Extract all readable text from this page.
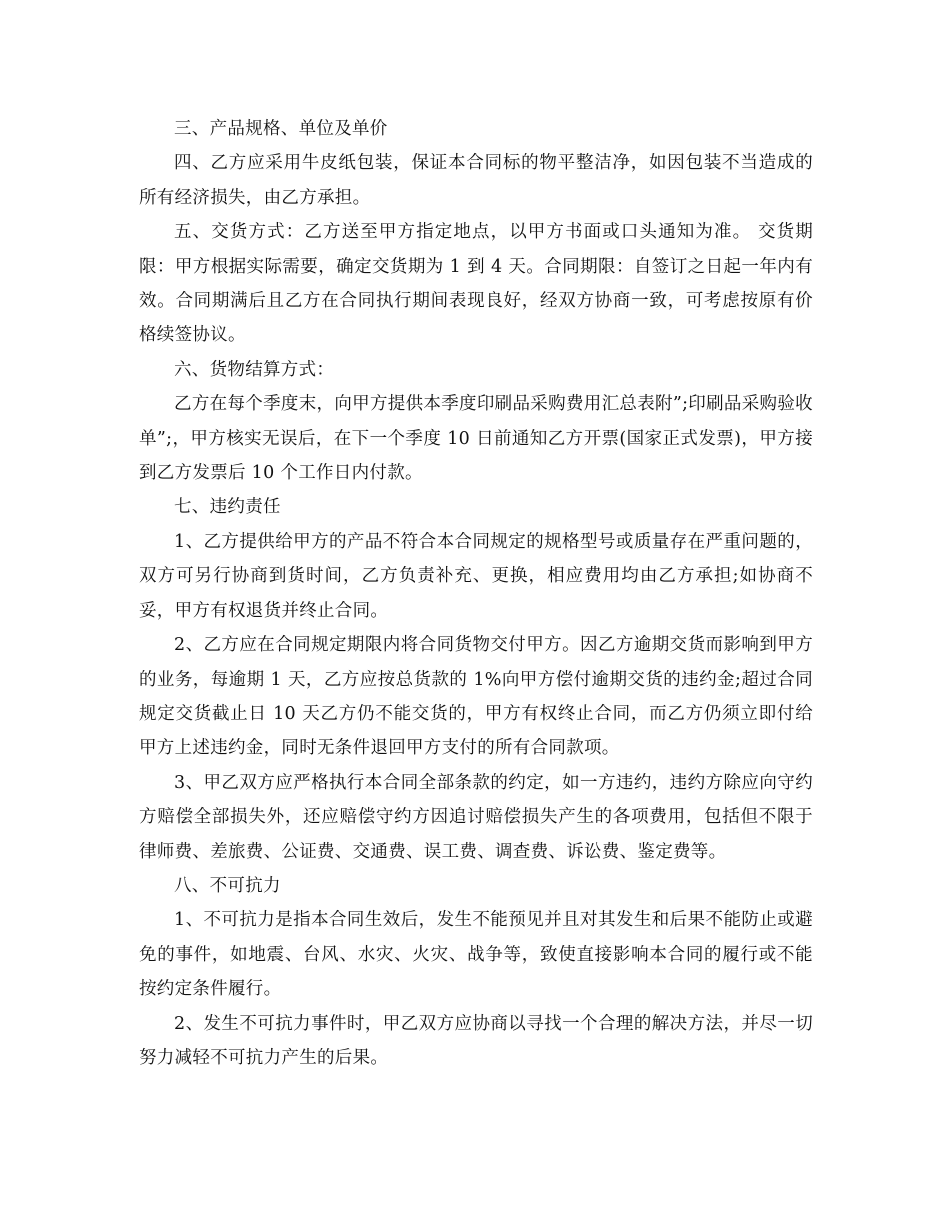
三、产品规格、单位及单价

四、乙方应采用牛皮纸包装，保证本合同标的物平整洁净，如因包装不当造成的所有经济损失，由乙方承担。

五、交货方式：乙方送至甲方指定地点，以甲方书面或口头通知为准。 交货期限：甲方根据实际需要，确定交货期为 1 到 4 天。合同期限：自签订之日起一年内有效。合同期满后且乙方在合同执行期间表现良好，经双方协商一致，可考虑按原有价格续签协议。

六、货物结算方式：

乙方在每个季度末，向甲方提供本季度印刷品采购费用汇总表附”;印刷品采购验收单”;，甲方核实无误后，在下一个季度 10 日前通知乙方开票(国家正式发票)，甲方接到乙方发票后 10 个工作日内付款。

七、违约责任

1、乙方提供给甲方的产品不符合本合同规定的规格型号或质量存在严重问题的，双方可另行协商到货时间，乙方负责补充、更换，相应费用均由乙方承担;如协商不妥，甲方有权退货并终止合同。

2、乙方应在合同规定期限内将合同货物交付甲方。因乙方逾期交货而影响到甲方的业务，每逾期 1 天，乙方应按总货款的 1%向甲方偿付逾期交货的违约金;超过合同规定交货截止日 10 天乙方仍不能交货的，甲方有权终止合同，而乙方仍须立即付给甲方上述违约金，同时无条件退回甲方支付的所有合同款项。

3、甲乙双方应严格执行本合同全部条款的约定，如一方违约，违约方除应向守约方赔偿全部损失外，还应赔偿守约方因追讨赔偿损失产生的各项费用，包括但不限于律师费、差旅费、公证费、交通费、误工费、调查费、诉讼费、鉴定费等。

八、不可抗力

1、不可抗力是指本合同生效后，发生不能预见并且对其发生和后果不能防止或避免的事件，如地震、台风、水灾、火灾、战争等，致使直接影响本合同的履行或不能按约定条件履行。

2、发生不可抗力事件时，甲乙双方应协商以寻找一个合理的解决方法，并尽一切努力减轻不可抗力产生的后果。
